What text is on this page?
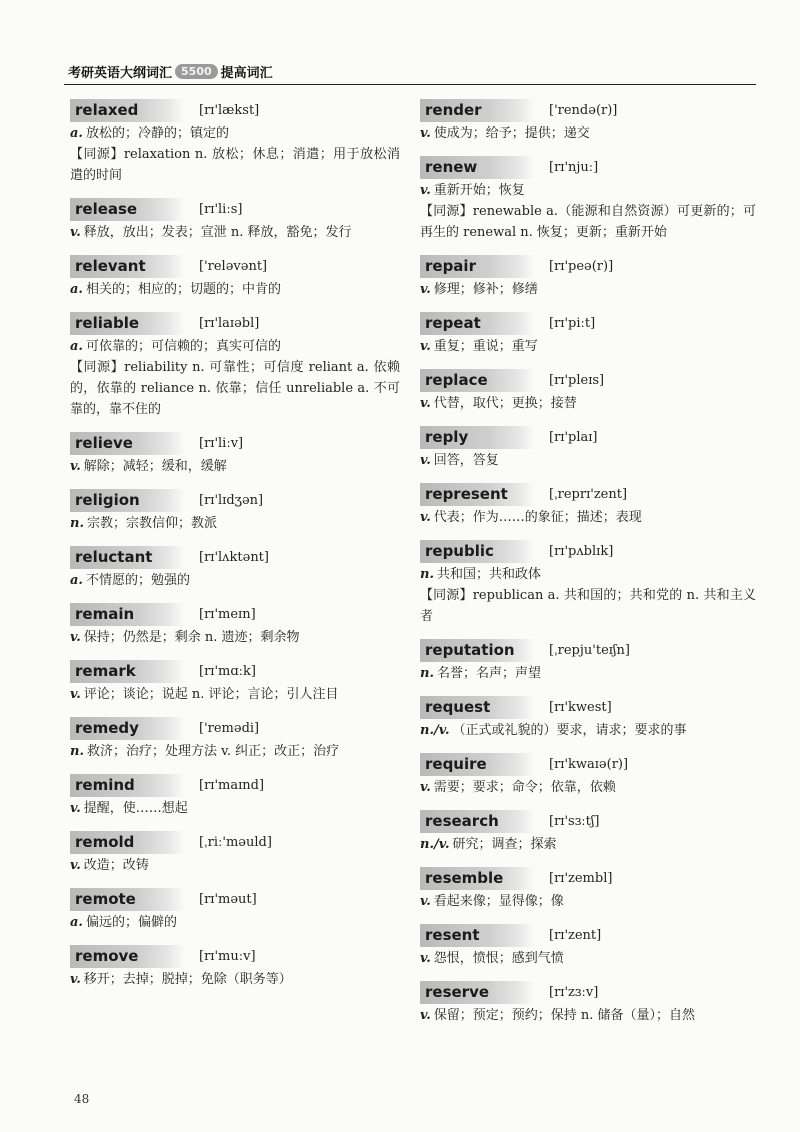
考研英语大纲词汇 5500 提高词汇
relaxed	[rɪ'lækst]
a. 放松的；冷静的；镇定的
【同源】relaxation n. 放松；休息；消遣；用于放松消遣的时间
release	[rɪ'liːs]
v. 释放，放出；发表；宣泄 n. 释放，豁免；发行
relevant	['reləvənt]
a. 相关的；相应的；切题的；中肯的
reliable	[rɪ'laɪəbl]
a. 可依靠的；可信赖的；真实可信的
【同源】reliability n. 可靠性；可信度 reliant a. 依赖的，依靠的 reliance n. 依靠；信任 unreliable a. 不可靠的，靠不住的
relieve	[rɪ'liːv]
v. 解除；减轻；缓和，缓解
religion	[rɪ'lɪdʒən]
n. 宗教；宗教信仰；教派
reluctant	[rɪ'lʌktənt]
a. 不情愿的；勉强的
remain	[rɪ'meɪn]
v. 保持；仍然是；剩余 n. 遗迹；剩余物
remark	[rɪ'mɑːk]
v. 评论；谈论；说起 n. 评论；言论；引人注目
remedy	['remədi]
n. 救济；治疗；处理方法 v. 纠正；改正；治疗
remind	[rɪ'maɪnd]
v. 提醒，使……想起
remold	[ˌriː'məuld]
v. 改造；改铸
remote	[rɪ'məut]
a. 偏远的；偏僻的
remove	[rɪ'muːv]
v. 移开；去掉；脱掉；免除（职务等）
render	['rendə(r)]
v. 使成为；给予；提供；递交
renew	[rɪ'njuː]
v. 重新开始；恢复
【同源】renewable a.（能源和自然资源）可更新的；可再生的 renewal n. 恢复；更新；重新开始
repair	[rɪ'peə(r)]
v. 修理；修补；修缮
repeat	[rɪ'piːt]
v. 重复；重说；重写
replace	[rɪ'pleɪs]
v. 代替，取代；更换；接替
reply	[rɪ'plaɪ]
v. 回答，答复
represent	[ˌreprɪ'zent]
v. 代表；作为……的象征；描述；表现
republic	[rɪ'pʌblɪk]
n. 共和国；共和政体
【同源】republican a. 共和国的；共和党的 n. 共和主义者
reputation	[ˌrepju'teɪʃn]
n. 名誉；名声；声望
request	[rɪ'kwest]
n./v. （正式或礼貌的）要求，请求；要求的事
require	[rɪ'kwaɪə(r)]
v. 需要；要求；命令；依靠，依赖
research	[rɪ'sɜːtʃ]
n./v. 研究；调查；探索
resemble	[rɪ'zembl]
v. 看起来像；显得像；像
resent	[rɪ'zent]
v. 怨恨，愤恨；感到气愤
reserve	[rɪ'zɜːv]
v. 保留；预定；预约；保持 n. 储备（量）；自然
48
